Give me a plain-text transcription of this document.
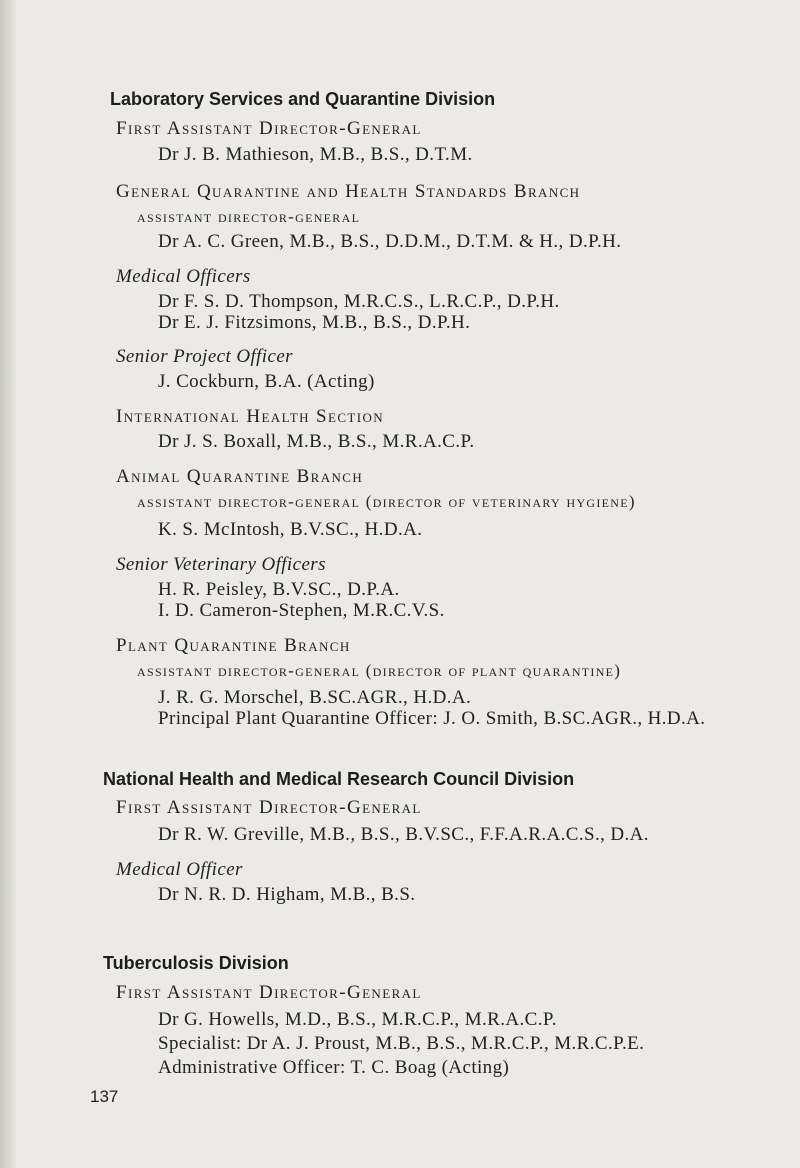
Laboratory Services and Quarantine Division
First Assistant Director-General
Dr J. B. Mathieson, M.B., B.S., D.T.M.
General Quarantine and Health Standards Branch
assistant director-general
Dr A. C. Green, M.B., B.S., D.D.M., D.T.M. & H., D.P.H.
Medical Officers
Dr F. S. D. Thompson, M.R.C.S., L.R.C.P., D.P.H.
Dr E. J. Fitzsimons, M.B., B.S., D.P.H.
Senior Project Officer
J. Cockburn, B.A. (Acting)
International Health Section
Dr J. S. Boxall, M.B., B.S., M.R.A.C.P.
Animal Quarantine Branch
assistant director-general (director of veterinary hygiene)
K. S. McIntosh, B.V.SC., H.D.A.
Senior Veterinary Officers
H. R. Peisley, B.V.SC., D.P.A.
I. D. Cameron-Stephen, M.R.C.V.S.
Plant Quarantine Branch
assistant director-general (director of plant quarantine)
J. R. G. Morschel, B.SC.AGR., H.D.A.
Principal Plant Quarantine Officer: J. O. Smith, B.SC.AGR., H.D.A.
National Health and Medical Research Council Division
First Assistant Director-General
Dr R. W. Greville, M.B., B.S., B.V.SC., F.F.A.R.A.C.S., D.A.
Medical Officer
Dr N. R. D. Higham, M.B., B.S.
Tuberculosis Division
First Assistant Director-General
Dr G. Howells, M.D., B.S., M.R.C.P., M.R.A.C.P.
Specialist: Dr A. J. Proust, M.B., B.S., M.R.C.P., M.R.C.P.E.
Administrative Officer: T. C. Boag (Acting)
137
